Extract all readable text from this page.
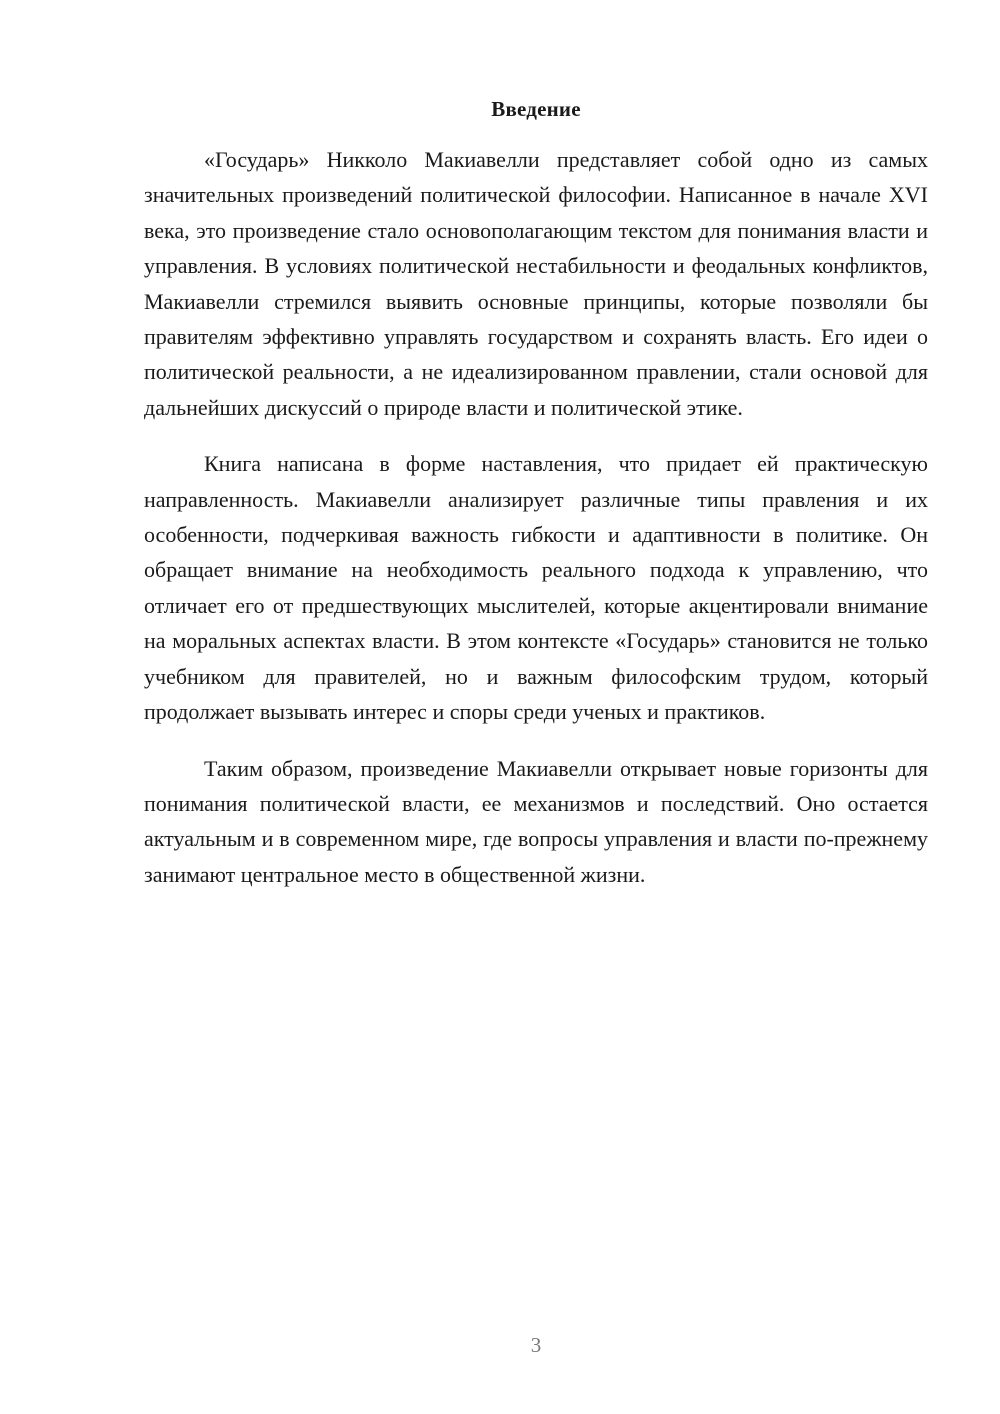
Введение

«Государь» Никколо Макиавелли представляет собой одно из самых значительных произведений политической философии. Написанное в начале XVI века, это произведение стало основополагающим текстом для понимания власти и управления. В условиях политической нестабильности и феодальных конфликтов, Макиавелли стремился выявить основные принципы, которые позволяли бы правителям эффективно управлять государством и сохранять власть. Его идеи о политической реальности, а не идеализированном правлении, стали основой для дальнейших дискуссий о природе власти и политической этике.

Книга написана в форме наставления, что придает ей практическую направленность. Макиавелли анализирует различные типы правления и их особенности, подчеркивая важность гибкости и адаптивности в политике. Он обращает внимание на необходимость реального подхода к управлению, что отличает его от предшествующих мыслителей, которые акцентировали внимание на моральных аспектах власти. В этом контексте «Государь» становится не только учебником для правителей, но и важным философским трудом, который продолжает вызывать интерес и споры среди ученых и практиков.

Таким образом, произведение Макиавелли открывает новые горизонты для понимания политической власти, ее механизмов и последствий. Оно остается актуальным и в современном мире, где вопросы управления и власти по-прежнему занимают центральное место в общественной жизни.

3
